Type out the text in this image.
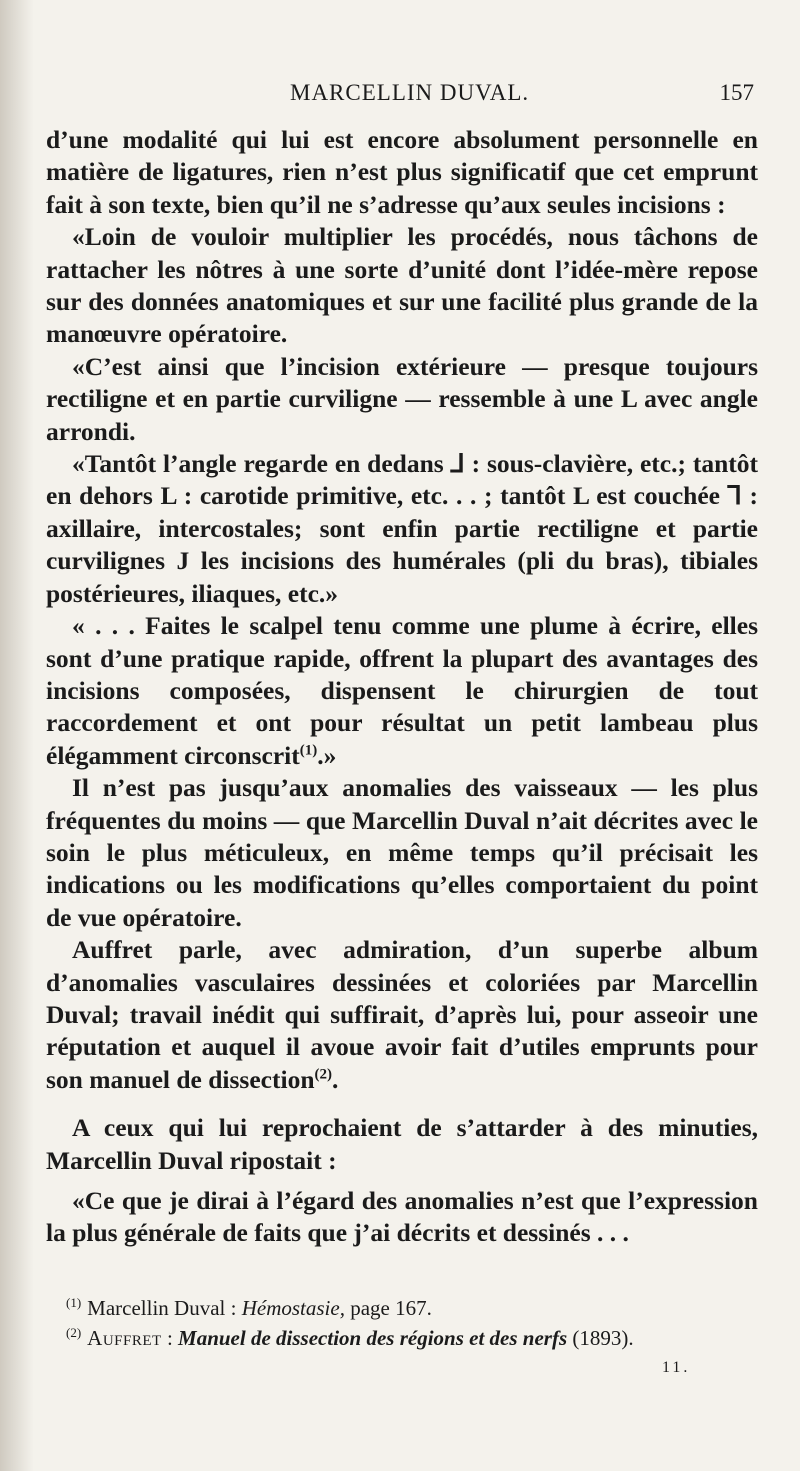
MARCELLIN DUVAL.	157

d’une modalité qui lui est encore absolument personnelle en matière de ligatures, rien n’est plus significatif que cet emprunt fait à son texte, bien qu’il ne s’adresse qu’aux seules incisions :

«Loin de vouloir multiplier les procédés, nous tâchons de rattacher les nôtres à une sorte d’unité dont l’idée-mère repose sur des données anatomiques et sur une facilité plus grande de la manœuvre opératoire.

«C’est ainsi que l’incision extérieure — presque toujours rectiligne et en partie curviligne — ressemble à une L avec angle arrondi.

«Tantôt l’angle regarde en dedans ⅃ : sous-clavière, etc.; tantôt en dehors L : carotide primitive, etc. . . ; tantôt L est couchée ⅂ : axillaire, intercostales; sont enfin partie rectiligne et partie curvilignes J les incisions des humérales (pli du bras), tibiales postérieures, iliaques, etc.»

« . . . Faites le scalpel tenu comme une plume à écrire, elles sont d’une pratique rapide, offrent la plupart des avantages des incisions composées, dispensent le chirurgien de tout raccordement et ont pour résultat un petit lambeau plus élégamment circonscrit$^{(1)}$.»

Il n’est pas jusqu’aux anomalies des vaisseaux — les plus fréquentes du moins — que Marcellin Duval n’ait décrites avec le soin le plus méticuleux, en même temps qu’il précisait les indications ou les modifications qu’elles comportaient du point de vue opératoire.

Auffret parle, avec admiration, d’un superbe album d’anomalies vasculaires dessinées et coloriées par Marcellin Duval; travail inédit qui suffirait, d’après lui, pour asseoir une réputation et auquel il avoue avoir fait d’utiles emprunts pour son manuel de dissection$^{(2)}$.

A ceux qui lui reprochaient de s’attarder à des minuties, Marcellin Duval ripostait :

«Ce que je dirai à l’égard des anomalies n’est que l’expression la plus générale de faits que j’ai décrits et dessinés . . .

$^{(1)}$ Marcellin Duval : Hémostasie, page 167.
$^{(2)}$ Auffret : Manuel de dissection des régions et des nerfs (1893).
11.
